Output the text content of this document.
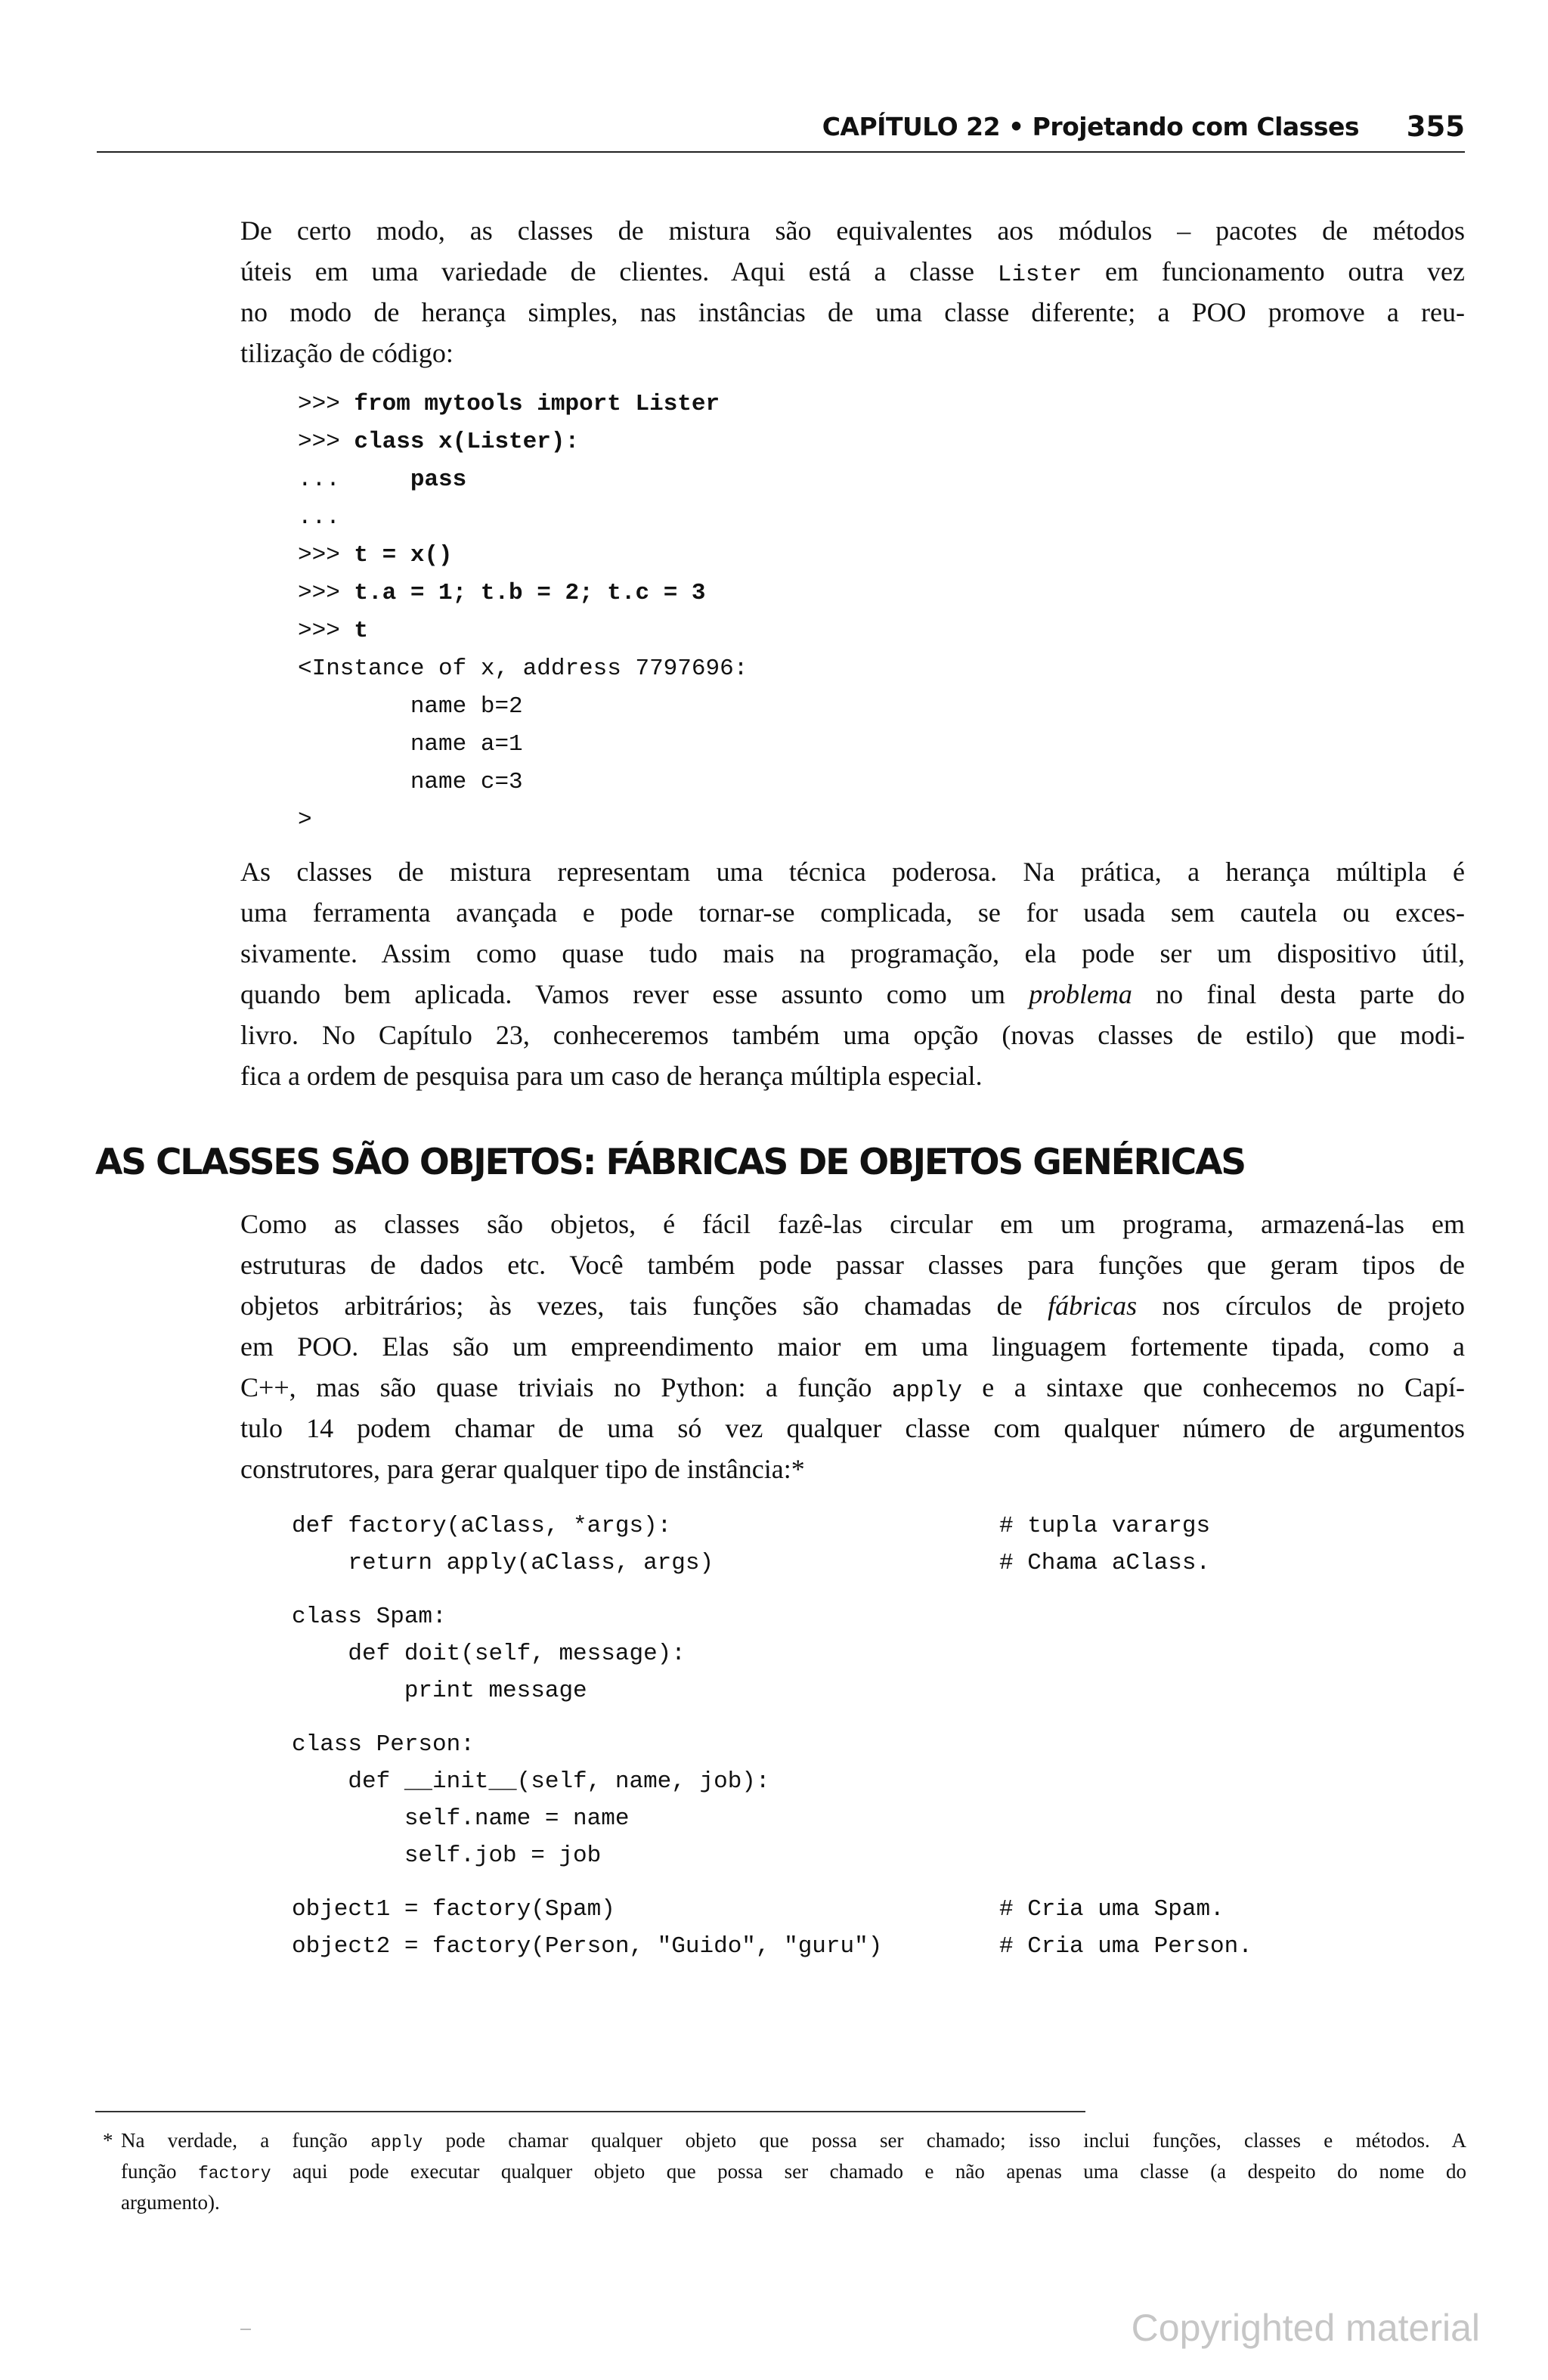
CAPÍTULO 22 • Projetando com Classes 355
De certo modo, as classes de mistura são equivalentes aos módulos – pacotes de métodos
úteis em uma variedade de clientes. Aqui está a classe Lister em funcionamento outra vez
no modo de herança simples, nas instâncias de uma classe diferente; a POO promove a reu-
tilização de código:
>>> from mytools import Lister
>>> class x(Lister):
...     pass
...
>>> t = x()
>>> t.a = 1; t.b = 2; t.c = 3
>>> t
<Instance of x, address 7797696:
name b=2
name a=1
name c=3
>
As classes de mistura representam uma técnica poderosa. Na prática, a herança múltipla é
uma ferramenta avançada e pode tornar-se complicada, se for usada sem cautela ou exces-
sivamente. Assim como quase tudo mais na programação, ela pode ser um dispositivo útil,
quando bem aplicada. Vamos rever esse assunto como um problema no final desta parte do
livro. No Capítulo 23, conheceremos também uma opção (novas classes de estilo) que modi-
fica a ordem de pesquisa para um caso de herança múltipla especial.
AS CLASSES SÃO OBJETOS: FÁBRICAS DE OBJETOS GENÉRICAS
Como as classes são objetos, é fácil fazê-las circular em um programa, armazená-las em
estruturas de dados etc. Você também pode passar classes para funções que geram tipos de
objetos arbitrários; às vezes, tais funções são chamadas de fábricas nos círculos de projeto
em POO. Elas são um empreendimento maior em uma linguagem fortemente tipada, como a
C++, mas são quase triviais no Python: a função apply e a sintaxe que conhecemos no Capí-
tulo 14 podem chamar de uma só vez qualquer classe com qualquer número de argumentos
construtores, para gerar qualquer tipo de instância:*
def factory(aClass, *args):	# tupla varargs
return apply(aClass, args)	# Chama aClass.
class Spam:
def doit(self, message):
print message
class Person:
def __init__(self, name, job):
self.name = name
self.job = job
object1 = factory(Spam)	# Cria uma Spam.
object2 = factory(Person, "Guido", "guru")	# Cria uma Person.
* Na verdade, a função apply pode chamar qualquer objeto que possa ser chamado; isso inclui funções, classes e métodos. A
função factory aqui pode executar qualquer objeto que possa ser chamado e não apenas uma classe (a despeito do nome do
argumento).
Copyrighted material
